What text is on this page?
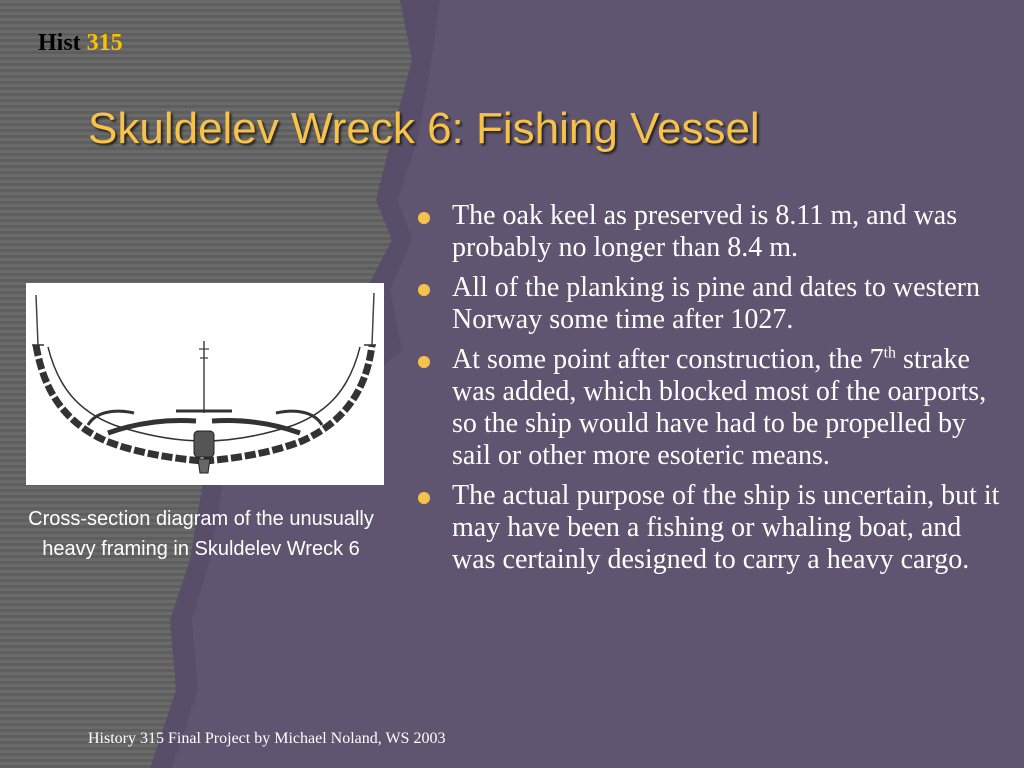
Hist 315

Skuldelev Wreck 6: Fishing Vessel

Cross-section diagram of the unusually heavy framing in Skuldelev Wreck 6

The oak keel as preserved is 8.11 m, and was probably no longer than 8.4 m.
All of the planking is pine and dates to western Norway some time after 1027.
At some point after construction, the 7th strake was added, which blocked most of the oarports, so the ship would have had to be propelled by sail or other more esoteric means.
The actual purpose of the ship is uncertain, but it may have been a fishing or whaling boat, and was certainly designed to carry a heavy cargo.

History 315 Final Project by Michael Noland, WS 2003
